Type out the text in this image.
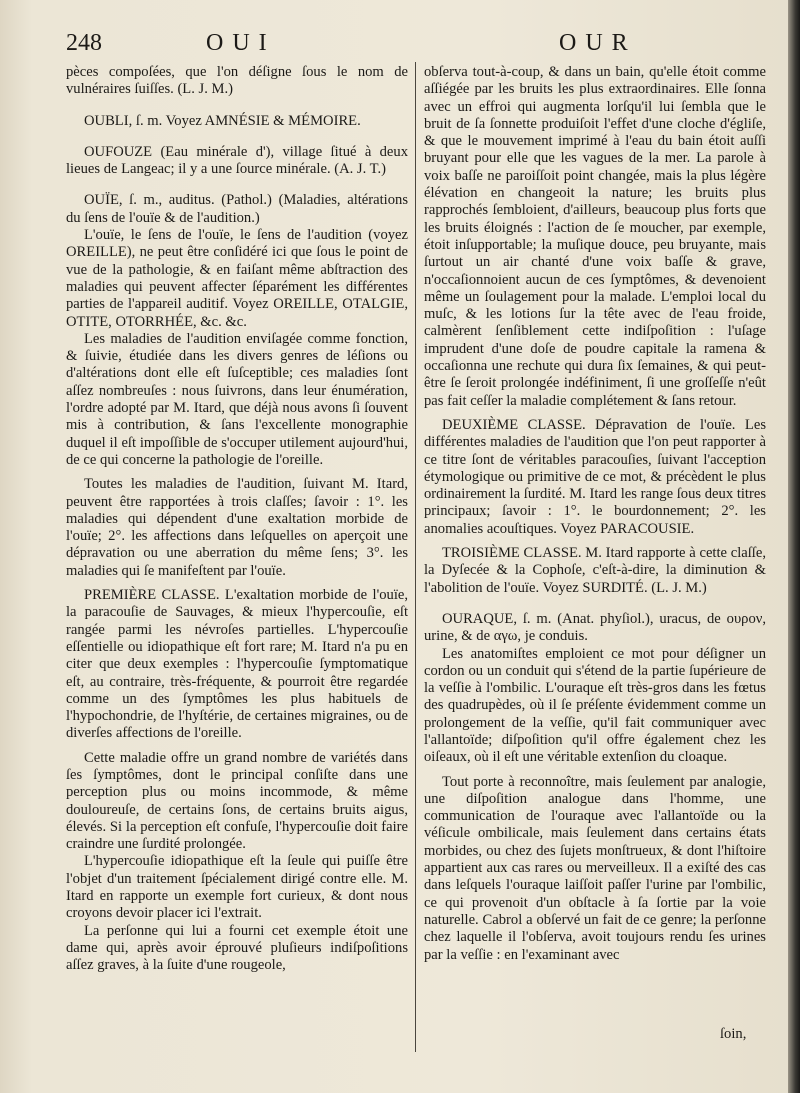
248	OUI	OUR

pèces compoſées, que l'on déſigne ſous le nom de vulnéraires ſuiſſes. (L. J. M.)

OUBLI, ſ. m. Voyez AMNÉSIE & MÉMOIRE.

OUFOUZE (Eau minérale d'), village ſitué à deux lieues de Langeac; il y a une ſource minérale. (A. J. T.)

OUÏE, ſ. m., auditus. (Pathol.) (Maladies, altérations du ſens de l'ouïe & de l'audition.)

L'ouïe, le ſens de l'ouïe, le ſens de l'audition (voyez OREILLE), ne peut être conſidéré ici que ſous le point de vue de la pathologie, & en faiſant même abſtraction des maladies qui peuvent affecter ſéparément les différentes parties de l'appareil auditif. Voyez OREILLE, OTALGIE, OTITE, OTORRHÉE, &c. &c.

Les maladies de l'audition enviſagée comme fonction, & ſuivie, étudiée dans les divers genres de léſions ou d'altérations dont elle eſt ſuſceptible; ces maladies ſont aſſez nombreuſes : nous ſuivrons, dans leur énumération, l'ordre adopté par M. Itard, que déjà nous avons ſi ſouvent mis à contribution, & ſans l'excellente monographie duquel il eſt impoſſible de s'occuper utilement aujourd'hui, de ce qui concerne la pathologie de l'oreille.

Toutes les maladies de l'audition, ſuivant M. Itard, peuvent être rapportées à trois claſſes; ſavoir : 1°. les maladies qui dépendent d'une exaltation morbide de l'ouïe; 2°. les affections dans leſquelles on aperçoit une dépravation ou une aberration du même ſens; 3°. les maladies qui ſe manifeſtent par l'ouïe.

PREMIÈRE CLASSE. L'exaltation morbide de l'ouïe, la paracouſie de Sauvages, & mieux l'hypercouſie, eſt rangée parmi les névroſes partielles. L'hypercouſie eſſentielle ou idiopathique eſt fort rare; M. Itard n'a pu en citer que deux exemples : l'hypercouſie ſymptomatique eſt, au contraire, très-fréquente, & pourroit être regardée comme un des ſymptômes les plus habituels de l'hypochondrie, de l'hyſtérie, de certaines migraines, ou de diverſes affections de l'oreille.

Cette maladie offre un grand nombre de variétés dans ſes ſymptômes, dont le principal conſiſte dans une perception plus ou moins incommode, & même douloureuſe, de certains ſons, de certains bruits aigus, élevés. Si la perception eſt confuſe, l'hypercouſie doit faire craindre une ſurdité prolongée.

L'hypercouſie idiopathique eſt la ſeule qui puiſſe être l'objet d'un traitement ſpécialement dirigé contre elle. M. Itard en rapporte un exemple fort curieux, & dont nous croyons devoir placer ici l'extrait.

La perſonne qui lui a fourni cet exemple étoit une dame qui, après avoir éprouvé pluſieurs indiſpoſitions aſſez graves, à la ſuite d'une rougeole,

obſerva tout-à-coup, & dans un bain, qu'elle étoit comme aſſiégée par les bruits les plus extraordinaires. Elle ſonna avec un effroi qui augmenta lorſqu'il lui ſembla que le bruit de ſa ſonnette produiſoit l'effet d'une cloche d'égliſe, & que le mouvement imprimé à l'eau du bain étoit auſſi bruyant pour elle que les vagues de la mer. La parole à voix baſſe ne paroiſſoit point changée, mais la plus légère élévation en changeoit la nature; les bruits plus rapprochés ſembloient, d'ailleurs, beaucoup plus forts que les bruits éloignés : l'action de ſe moucher, par exemple, étoit inſupportable; la muſique douce, peu bruyante, mais ſurtout un air chanté d'une voix baſſe & grave, n'occaſionnoient aucun de ces ſymptômes, & devenoient même un ſoulagement pour la malade. L'emploi local du muſc, & les lotions ſur la tête avec de l'eau froide, calmèrent ſenſiblement cette indiſpoſition : l'uſage imprudent d'une doſe de poudre capitale la ramena & occaſionna une rechute qui dura ſix ſemaines, & qui peut-être ſe ſeroit prolongée indéfiniment, ſi une groſſeſſe n'eût pas fait ceſſer la maladie complétement & ſans retour.

DEUXIÈME CLASSE. Dépravation de l'ouïe. Les différentes maladies de l'audition que l'on peut rapporter à ce titre ſont de véritables paracouſies, ſuivant l'acception étymologique ou primitive de ce mot, & précèdent le plus ordinairement la ſurdité. M. Itard les range ſous deux titres principaux; ſavoir : 1°. le bourdonnement; 2°. les anomalies acouſtiques. Voyez PARACOUSIE.

TROISIÈME CLASSE. M. Itard rapporte à cette claſſe, la Dyſecée & la Cophoſe, c'eſt-à-dire, la diminution & l'abolition de l'ouïe. Voyez SURDITÉ. (L. J. M.)

OURAQUE, ſ. m. (Anat. phyſiol.), uracus, de ουρον, urine, & de αγω, je conduis.

Les anatomiſtes emploient ce mot pour déſigner un cordon ou un conduit qui s'étend de la partie ſupérieure de la veſſie à l'ombilic. L'ouraque eſt très-gros dans les fœtus des quadrupèdes, où il ſe préſente évidemment comme un prolongement de la veſſie, qu'il fait communiquer avec l'allantoïde; diſpoſition qu'il offre également chez les oiſeaux, où il eſt une véritable extenſion du cloaque.

Tout porte à reconnoître, mais ſeulement par analogie, une diſpoſition analogue dans l'homme, une communication de l'ouraque avec l'allantoïde ou la véſicule ombilicale, mais ſeulement dans certains états morbides, ou chez des ſujets monſtrueux, & dont l'hiſtoire appartient aux cas rares ou merveilleux. Il a exiſté des cas dans leſquels l'ouraque laiſſoit paſſer l'urine par l'ombilic, ce qui provenoit d'un obſtacle à ſa ſortie par la voie naturelle. Cabrol a obſervé un fait de ce genre; la perſonne chez laquelle il l'obſerva, avoit toujours rendu ſes urines par la veſſie : en l'examinant avec

ſoin,
